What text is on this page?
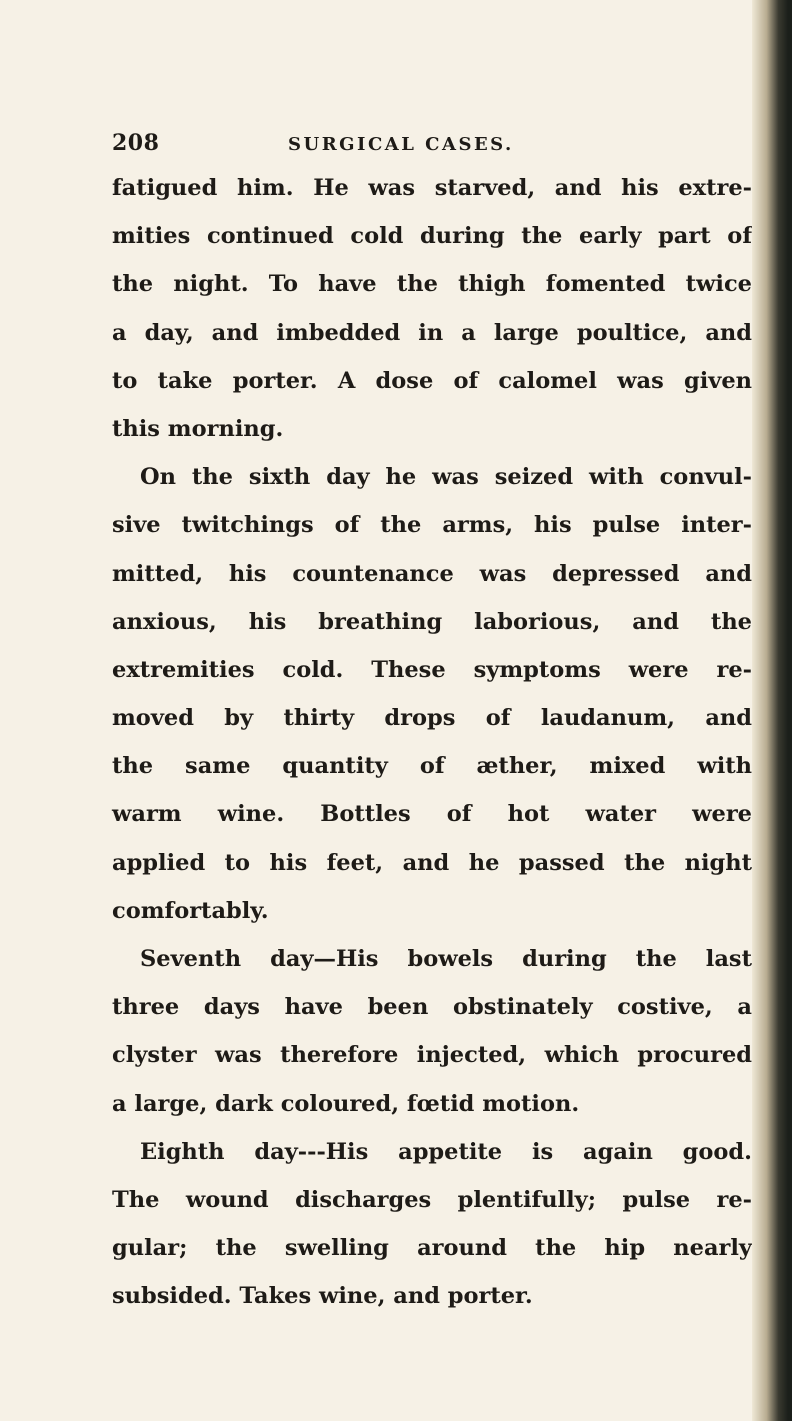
208	SURGICAL CASES.
fatigued him. He was starved, and his extre-
mities continued cold during the early part of
the night. To have the thigh fomented twice
a day, and imbedded in a large poultice, and
to take porter. A dose of calomel was given
this morning.
On the sixth day he was seized with convul-
sive twitchings of the arms, his pulse inter-
mitted, his countenance was depressed and
anxious, his breathing laborious, and the
extremities cold. These symptoms were re-
moved by thirty drops of laudanum, and
the same quantity of æther, mixed with
warm wine. Bottles of hot water were
applied to his feet, and he passed the night
comfortably.
Seventh day—His bowels during the last
three days have been obstinately costive, a
clyster was therefore injected, which procured
a large, dark coloured, fœtid motion.
Eighth day---His appetite is again good.
The wound discharges plentifully; pulse re-
gular; the swelling around the hip nearly
subsided. Takes wine, and porter.
